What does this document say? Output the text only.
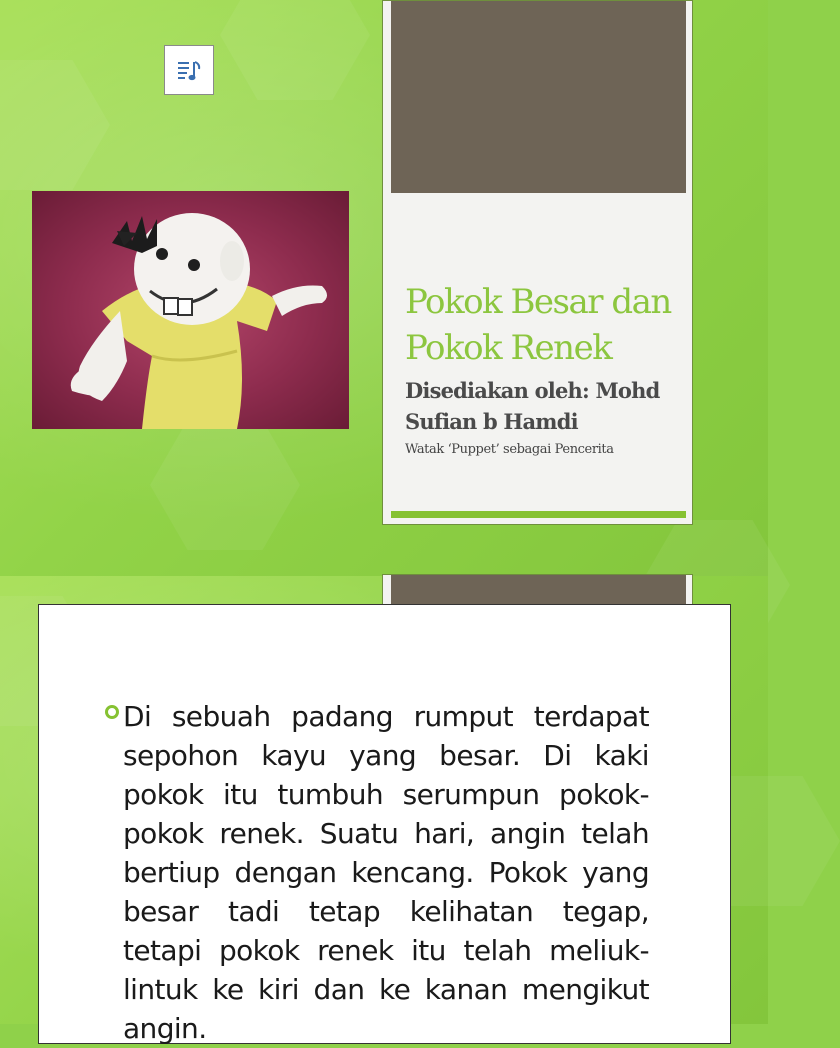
Pokok Besar dan Pokok Renek
Disediakan oleh: Mohd Sufian b Hamdi
Watak ‘Puppet’ sebagai Pencerita

Di sebuah padang rumput terdapat sepohon kayu yang besar. Di kaki pokok itu tumbuh serumpun pokok-pokok renek. Suatu hari, angin telah bertiup dengan kencang. Pokok yang besar tadi tetap kelihatan tegap, tetapi pokok renek itu telah meliuk-lintuk ke kiri dan ke kanan mengikut angin.
